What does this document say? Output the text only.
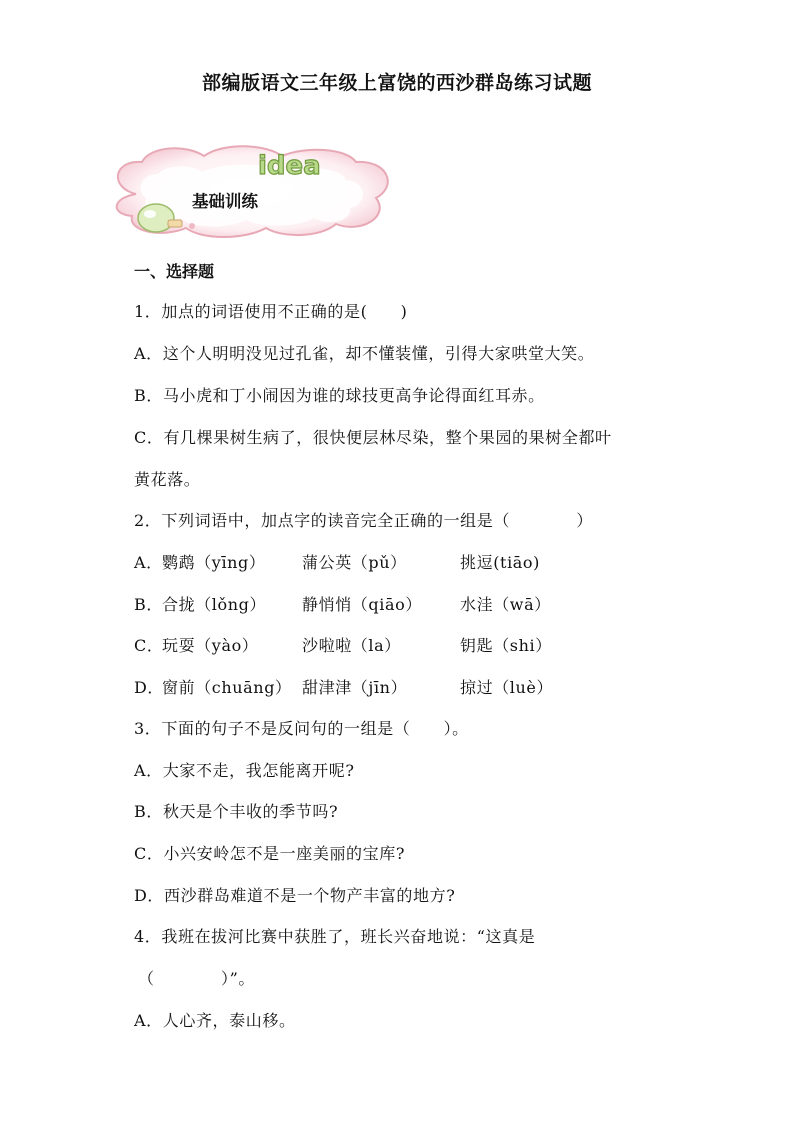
部编版语文三年级上富饶的西沙群岛练习试题
idea
基础训练
一、选择题
1．加点的词语使用不正确的是(　　)
A．这个人明明没见过孔雀，却不懂装懂，引得大家哄堂大笑。
B．马小虎和丁小闹因为谁的球技更高争论得面红耳赤。
C．有几棵果树生病了，很快便层林尽染，整个果园的果树全都叶
黄花落。
2．下列词语中，加点字的读音完全正确的一组是（　　　　）
A． 鹦鹉（yīng） 蒲公英（pǔ）	挑逗(tiāo)
B． 合拢（lǒng） 静悄悄（qiāo） 水洼（wā）
C．
玩耍（yào）	沙啦啦（la）	钥匙（shi）
D．
窗前（chuāng） 甜津津（jīn）	掠过（luè）
3．下面的句子不是反问句的一组是（　　）。
A．大家不走，我怎能离开呢?
B．秋天是个丰收的季节吗?
C．小兴安岭怎不是一座美丽的宝库?
D．西沙群岛难道不是一个物产丰富的地方?
4．我班在拔河比赛中获胜了，班长兴奋地说：“这真是
（　　　　）”。
A．人心齐，泰山移。
